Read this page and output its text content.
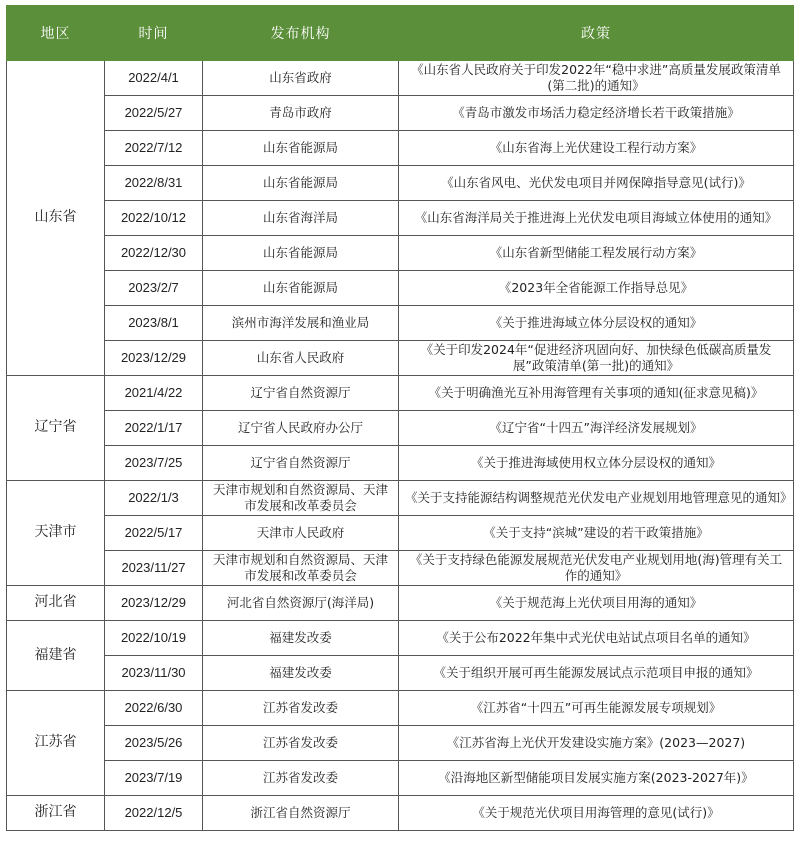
地区	时间	发布机构	政策
山东省	2022/4/1	山东省政府	《山东省人民政府关于印发2022年“稳中求进”高质量发展政策清单(第二批)的通知》
	2022/5/27	青岛市政府	《青岛市激发市场活力稳定经济增长若干政策措施》
	2022/7/12	山东省能源局	《山东省海上光伏建设工程行动方案》
	2022/8/31	山东省能源局	《山东省风电、光伏发电项目并网保障指导意见(试行)》
	2022/10/12	山东省海洋局	《山东省海洋局关于推进海上光伏发电项目海域立体使用的通知》
	2022/12/30	山东省能源局	《山东省新型储能工程发展行动方案》
	2023/2/7	山东省能源局	《2023年全省能源工作指导总见》
	2023/8/1	滨州市海洋发展和渔业局	《关于推进海域立体分层设权的通知》
	2023/12/29	山东省人民政府	《关于印发2024年“促进经济巩固向好、加快绿色低碳高质量发展”政策清单(第一批)的通知》
辽宁省	2021/4/22	辽宁省自然资源厅	《关于明确渔光互补用海管理有关事项的通知(征求意见稿)》
	2022/1/17	辽宁省人民政府办公厅	《辽宁省“十四五”海洋经济发展规划》
	2023/7/25	辽宁省自然资源厅	《关于推进海域使用权立体分层设权的通知》
天津市	2022/1/3	天津市规划和自然资源局、天津市发展和改革委员会	《关于支持能源结构调整规范光伏发电产业规划用地管理意见的通知》
	2022/5/17	天津市人民政府	《关于支持“滨城”建设的若干政策措施》
	2023/11/27	天津市规划和自然资源局、天津市发展和改革委员会	《关于支持绿色能源发展规范光伏发电产业规划用地(海)管理有关工作的通知》
河北省	2023/12/29	河北省自然资源厅(海洋局)	《关于规范海上光伏项目用海的通知》
福建省	2022/10/19	福建发改委	《关于公布2022年集中式光伏电站试点项目名单的通知》
	2023/11/30	福建发改委	《关于组织开展可再生能源发展试点示范项目申报的通知》
江苏省	2022/6/30	江苏省发改委	《江苏省“十四五”可再生能源发展专项规划》
	2023/5/26	江苏省发改委	《江苏省海上光伏开发建设实施方案》(2023—2027)
	2023/7/19	江苏省发改委	《沿海地区新型储能项目发展实施方案(2023-2027年)》
浙江省	2022/12/5	浙江省自然资源厅	《关于规范光伏项目用海管理的意见(试行)》
